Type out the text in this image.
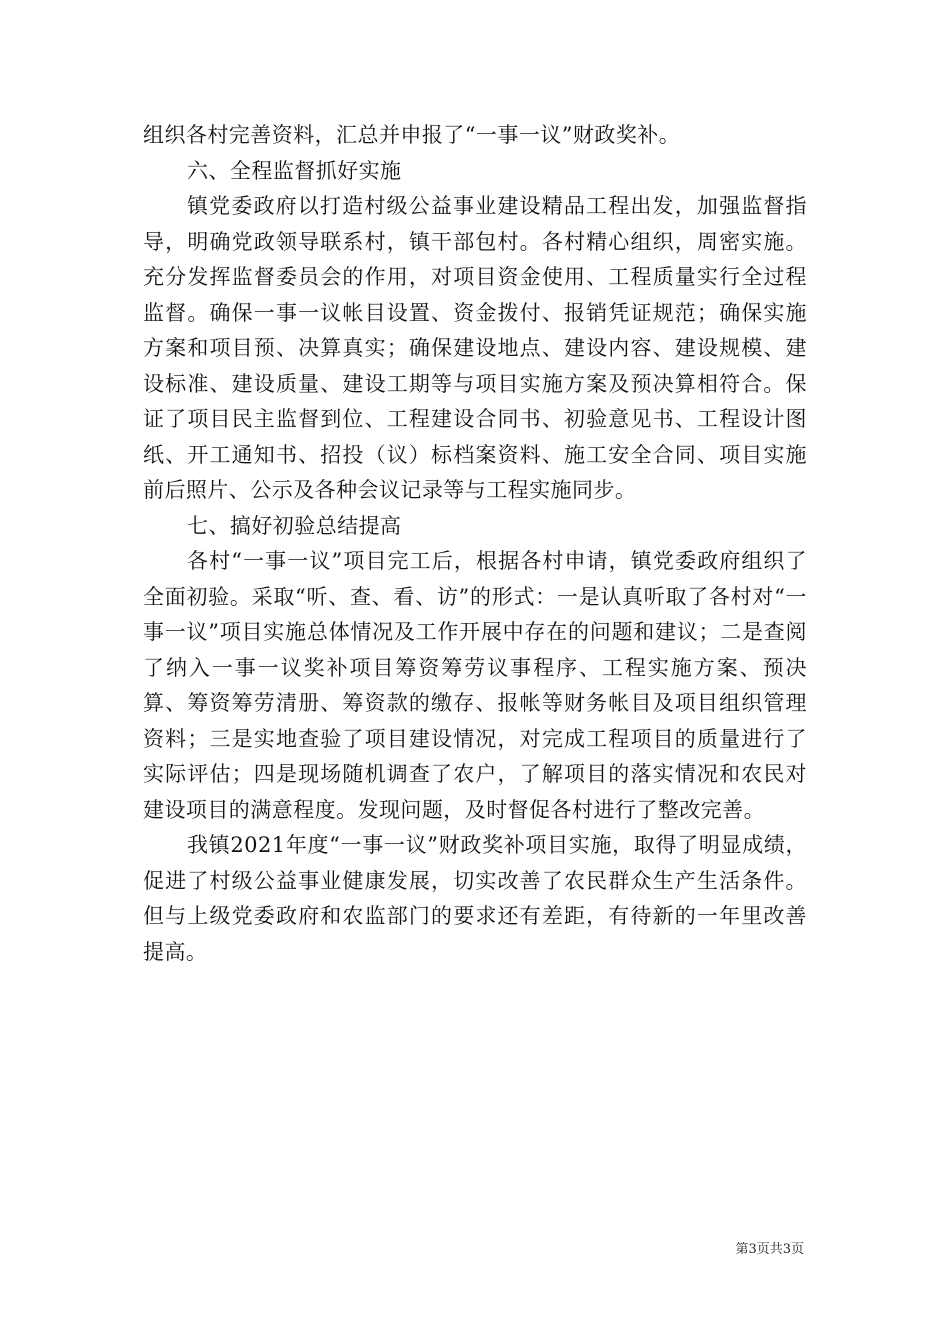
组织各村完善资料，汇总并申报了“一事一议”财政奖补。

六、全程监督抓好实施

镇党委政府以打造村级公益事业建设精品工程出发，加强监督指导，明确党政领导联系村，镇干部包村。各村精心组织，周密实施。充分发挥监督委员会的作用，对项目资金使用、工程质量实行全过程监督。确保一事一议帐目设置、资金拨付、报销凭证规范；确保实施方案和项目预、决算真实；确保建设地点、建设内容、建设规模、建设标准、建设质量、建设工期等与项目实施方案及预决算相符合。保证了项目民主监督到位、工程建设合同书、初验意见书、工程设计图纸、开工通知书、招投（议）标档案资料、施工安全合同、项目实施前后照片、公示及各种会议记录等与工程实施同步。

七、搞好初验总结提高

各村“一事一议”项目完工后，根据各村申请，镇党委政府组织了全面初验。采取“听、查、看、访”的形式：一是认真听取了各村对“一事一议”项目实施总体情况及工作开展中存在的问题和建议；二是查阅了纳入一事一议奖补项目筹资筹劳议事程序、工程实施方案、预决算、筹资筹劳清册、筹资款的缴存、报帐等财务帐目及项目组织管理资料；三是实地查验了项目建设情况，对完成工程项目的质量进行了实际评估；四是现场随机调查了农户，了解项目的落实情况和农民对建设项目的满意程度。发现问题，及时督促各村进行了整改完善。

我镇2021年度“一事一议”财政奖补项目实施，取得了明显成绩，促进了村级公益事业健康发展，切实改善了农民群众生产生活条件。但与上级党委政府和农监部门的要求还有差距，有待新的一年里改善提高。

第3页共3页
